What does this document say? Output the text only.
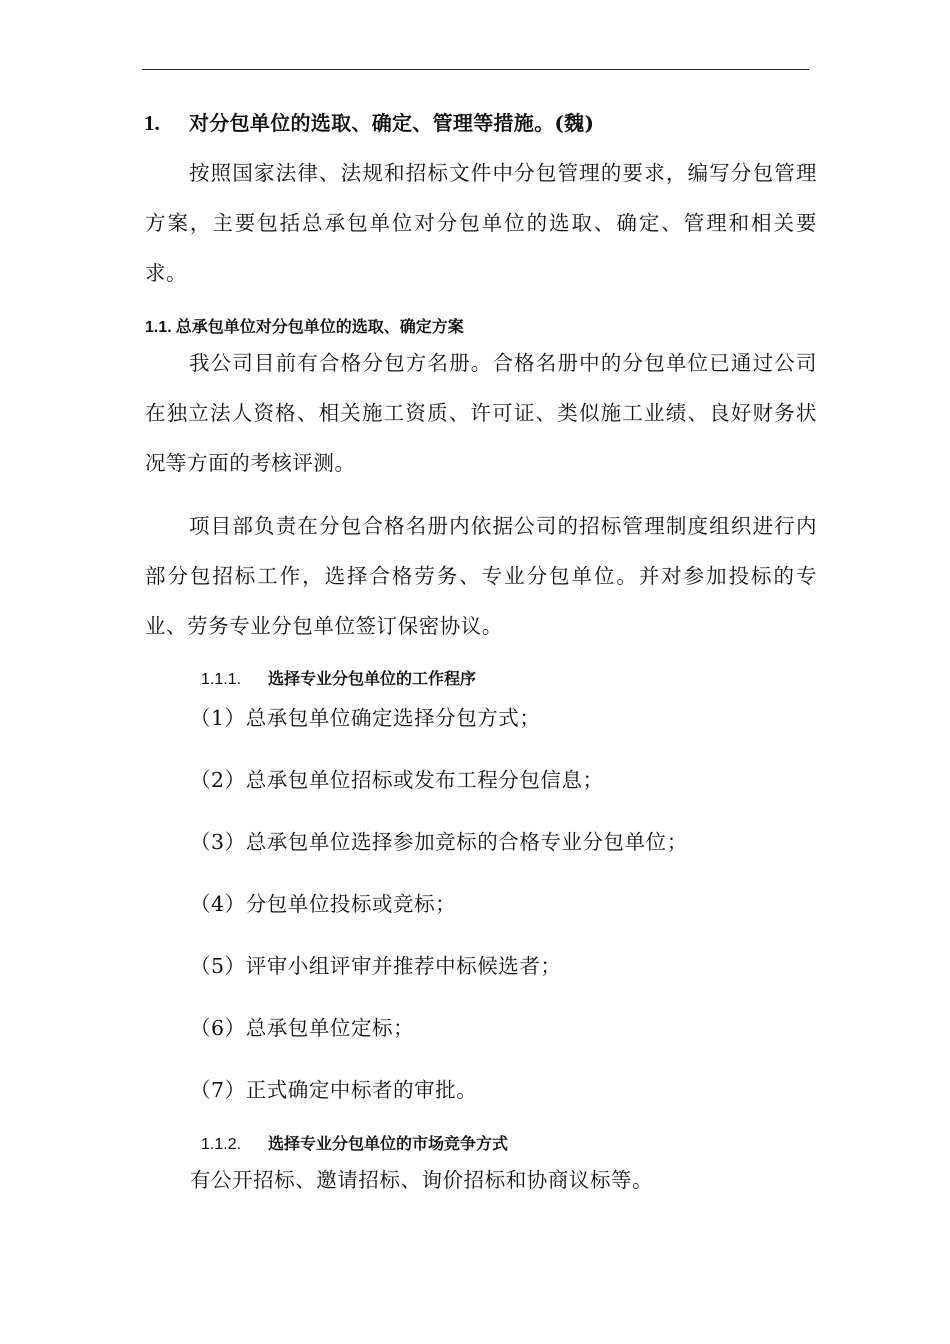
1. 对分包单位的选取、确定、管理等措施。(魏)

按照国家法律、法规和招标文件中分包管理的要求，编写分包管理方案，主要包括总承包单位对分包单位的选取、确定、管理和相关要求。

1.1. 总承包单位对分包单位的选取、确定方案

我公司目前有合格分包方名册。合格名册中的分包单位已通过公司在独立法人资格、相关施工资质、许可证、类似施工业绩、良好财务状况等方面的考核评测。

项目部负责在分包合格名册内依据公司的招标管理制度组织进行内部分包招标工作，选择合格劳务、专业分包单位。并对参加投标的专业、劳务专业分包单位签订保密协议。

1.1.1. 选择专业分包单位的工作程序
（1）总承包单位确定选择分包方式；
（2）总承包单位招标或发布工程分包信息；
（3）总承包单位选择参加竞标的合格专业分包单位；
（4）分包单位投标或竞标；
（5）评审小组评审并推荐中标候选者；
（6）总承包单位定标；
（7）正式确定中标者的审批。
1.1.2. 选择专业分包单位的市场竞争方式
有公开招标、邀请招标、询价招标和协商议标等。
